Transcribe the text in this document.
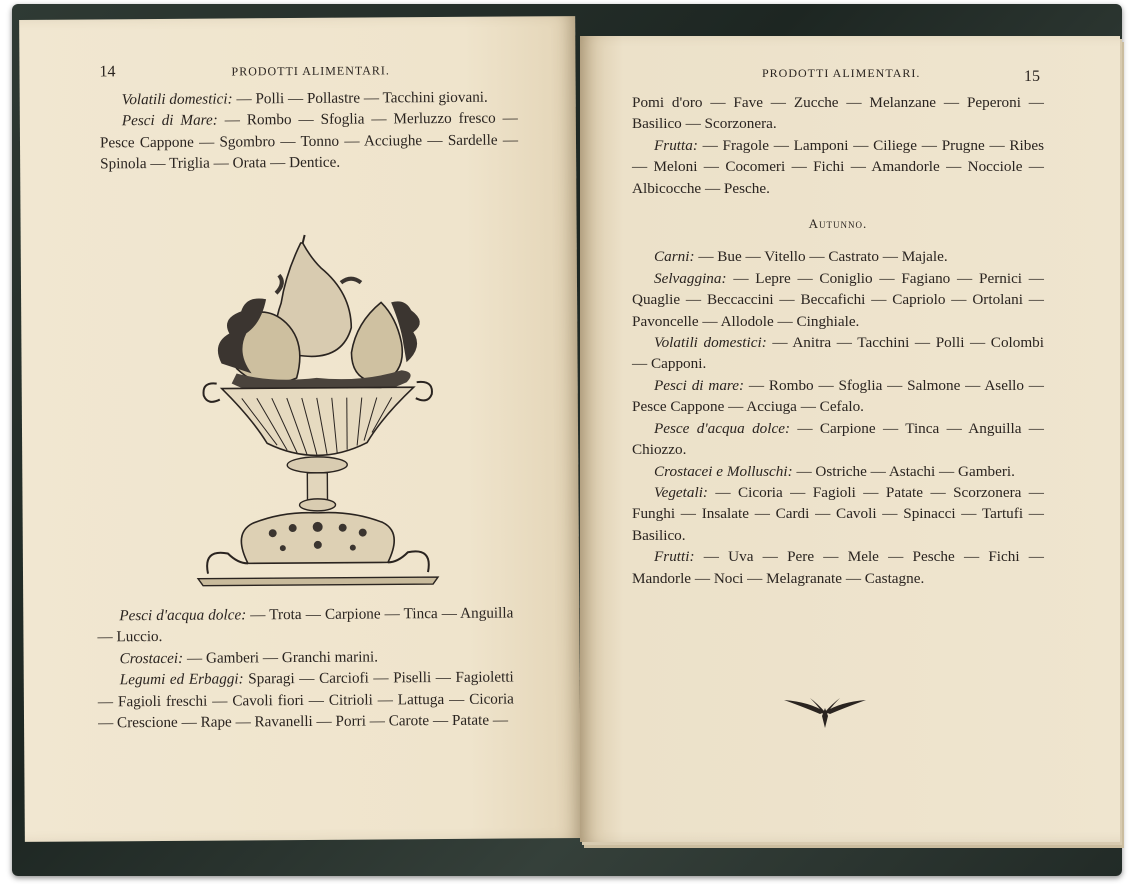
14	PRODOTTI ALIMENTARI.

Volatili domestici: — Polli — Pollastre — Tacchini giovani.

Pesci di Mare: — Rombo — Sfoglia — Merluzzo fresco — Pesce Cappone — Sgombro — Tonno — Acciughe — Sardelle — Spinola — Triglia — Orata — Dentice.

Pesci d'acqua dolce: — Trota — Carpione — Tinca — Anguilla — Luccio.

Crostacei: — Gamberi — Granchi marini.

Legumi ed Erbaggi: Sparagi — Carciofi — Piselli — Fagioletti — Fagioli freschi — Cavoli fiori — Citrioli — Lattuga — Cicoria — Crescione — Rape — Ravanelli — Porri — Carote — Patate —

PRODOTTI ALIMENTARI.	15

Pomi d'oro — Fave — Zucche — Melanzane — Peperoni — Basilico — Scorzonera.

Frutta: — Fragole — Lamponi — Ciliege — Prugne — Ribes — Meloni — Cocomeri — Fichi — Amandorle — Nocciole — Albicocche — Pesche.

Autunno.

Carni: — Bue — Vitello — Castrato — Majale.

Selvaggina: — Lepre — Coniglio — Fagiano — Pernici — Quaglie — Beccaccini — Beccafichi — Capriolo — Ortolani — Pavoncelle — Allodole — Cinghiale.

Volatili domestici: — Anitra — Tacchini — Polli — Colombi — Capponi.

Pesci di mare: — Rombo — Sfoglia — Salmone — Asello — Pesce Cappone — Acciuga — Cefalo.

Pesce d'acqua dolce: — Carpione — Tinca — Anguilla — Chiozzo.

Crostacei e Molluschi: — Ostriche — Astachi — Gamberi.

Vegetali: — Cicoria — Fagioli — Patate — Scorzonera — Funghi — Insalate — Cardi — Cavoli — Spinacci — Tartufi — Basilico.

Frutti: — Uva — Pere — Mele — Pesche — Fichi — Mandorle — Noci — Melagranate — Castagne.
